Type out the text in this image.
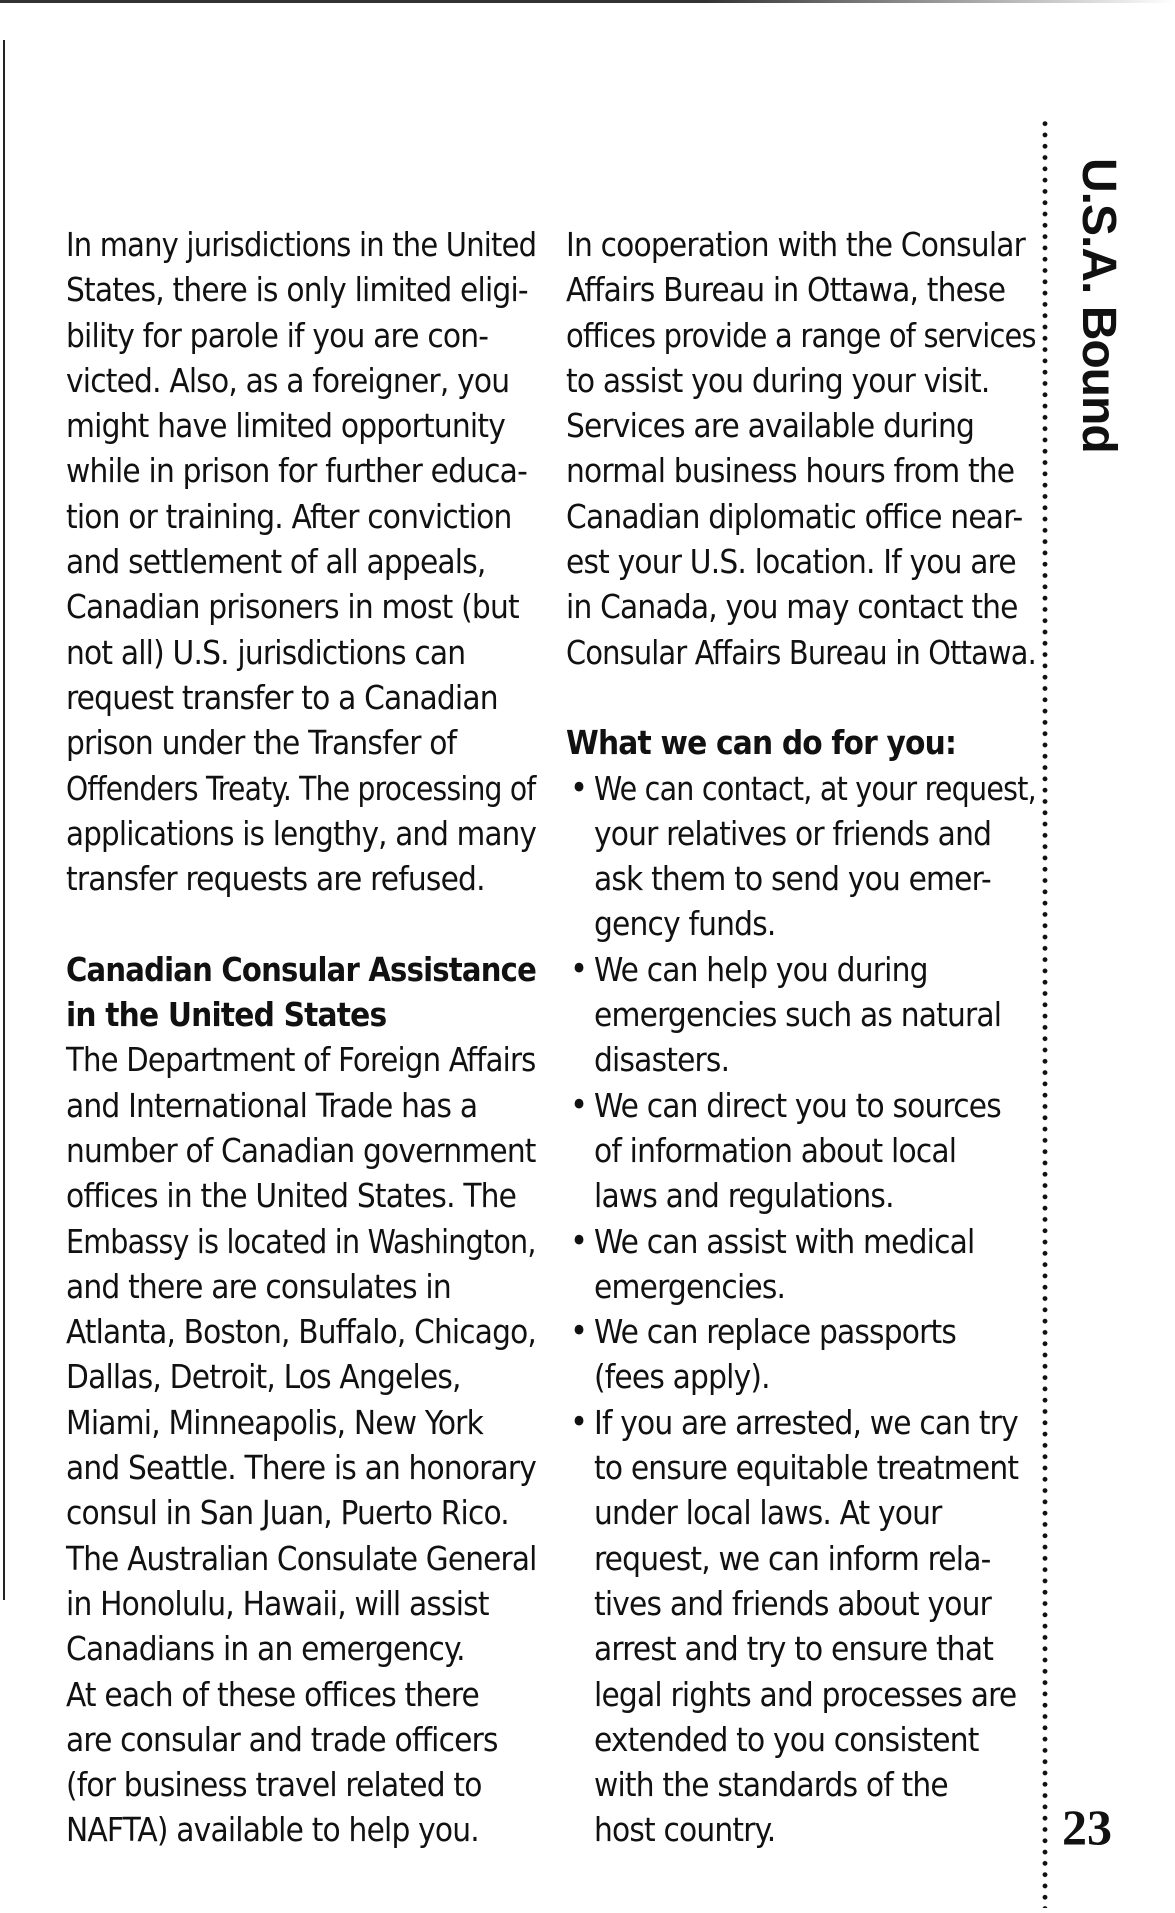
In many jurisdictions in the United
States, there is only limited eligi-
bility for parole if you are con-
victed. Also, as a foreigner, you
might have limited opportunity
while in prison for further educa-
tion or training. After conviction
and settlement of all appeals,
Canadian prisoners in most (but
not all) U.S. jurisdictions can
request transfer to a Canadian
prison under the Transfer of
Offenders Treaty. The processing of
applications is lengthy, and many
transfer requests are refused.

Canadian Consular Assistance
in the United States

The Department of Foreign Affairs
and International Trade has a
number of Canadian government
offices in the United States. The
Embassy is located in Washington,
and there are consulates in
Atlanta, Boston, Buffalo, Chicago,
Dallas, Detroit, Los Angeles,
Miami, Minneapolis, New York
and Seattle. There is an honorary
consul in San Juan, Puerto Rico.
The Australian Consulate General
in Honolulu, Hawaii, will assist
Canadians in an emergency.
At each of these offices there
are consular and trade officers
(for business travel related to
NAFTA) available to help you.

In cooperation with the Consular
Affairs Bureau in Ottawa, these
offices provide a range of services
to assist you during your visit.
Services are available during
normal business hours from the
Canadian diplomatic office near-
est your U.S. location. If you are
in Canada, you may contact the
Consular Affairs Bureau in Ottawa.

What we can do for you:

• We can contact, at your request,
your relatives or friends and
ask them to send you emer-
gency funds.
• We can help you during
emergencies such as natural
disasters.
• We can direct you to sources
of information about local
laws and regulations.
• We can assist with medical
emergencies.
• We can replace passports
(fees apply).
• If you are arrested, we can try
to ensure equitable treatment
under local laws. At your
request, we can inform rela-
tives and friends about your
arrest and try to ensure that
legal rights and processes are
extended to you consistent
with the standards of the
host country.
U.S.A. Bound
23
